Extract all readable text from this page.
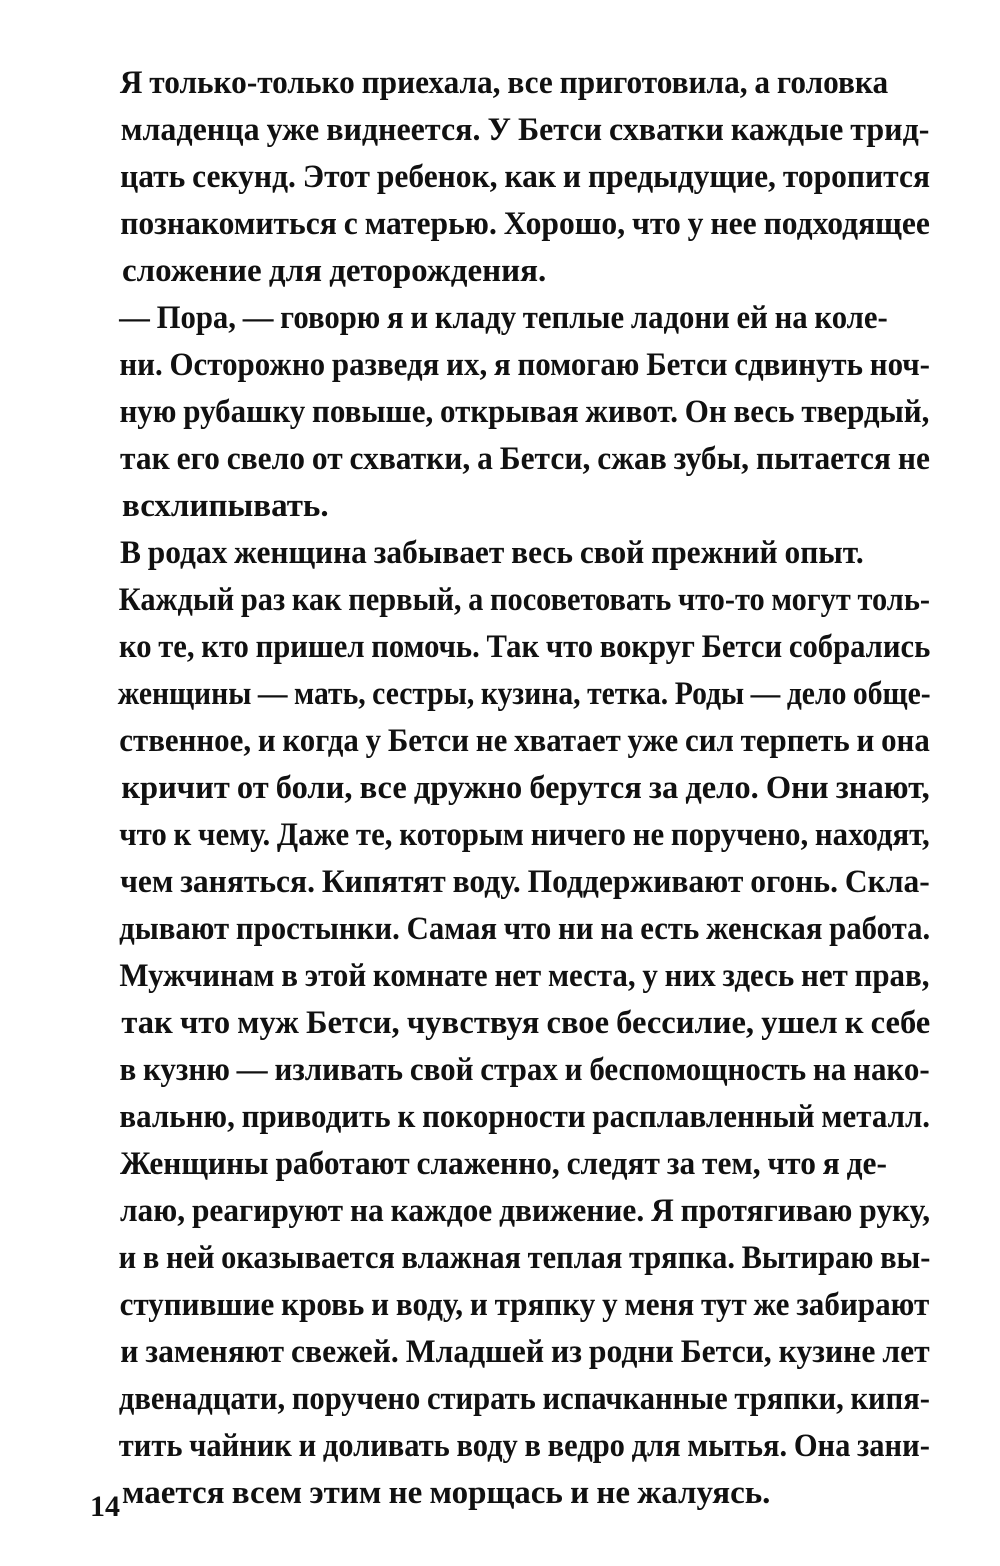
Я только-только приехала, все приготовила, а головка
младенца уже виднеется. У Бетси схватки каждые трид-
цать секунд. Этот ребенок, как и предыдущие, торопится
познакомиться с матерью. Хорошо, что у нее подходящее
сложение для деторождения.
— Пора, — говорю я и кладу теплые ладони ей на коле-
ни. Осторожно разведя их, я помогаю Бетси сдвинуть ноч-
ную рубашку повыше, открывая живот. Он весь твердый,
так его свело от схватки, а Бетси, сжав зубы, пытается не
всхлипывать.
В родах женщина забывает весь свой прежний опыт.
Каждый раз как первый, а посоветовать что-то могут толь-
ко те, кто пришел помочь. Так что вокруг Бетси собрались
женщины — мать, сестры, кузина, тетка. Роды — дело обще-
ственное, и когда у Бетси не хватает уже сил терпеть и она
кричит от боли, все дружно берутся за дело. Они знают,
что к чему. Даже те, которым ничего не поручено, находят,
чем заняться. Кипятят воду. Поддерживают огонь. Скла-
дывают простынки. Самая что ни на есть женская работа.
Мужчинам в этой комнате нет места, у них здесь нет прав,
так что муж Бетси, чувствуя свое бессилие, ушел к себе
в кузню — изливать свой страх и беспомощность на нако-
вальню, приводить к покорности расплавленный металл.
Женщины работают слаженно, следят за тем, что я де-
лаю, реагируют на каждое движение. Я протягиваю руку,
и в ней оказывается влажная теплая тряпка. Вытираю вы-
ступившие кровь и воду, и тряпку у меня тут же забирают
и заменяют свежей. Младшей из родни Бетси, кузине лет
двенадцати, поручено стирать испачканные тряпки, кипя-
тить чайник и доливать воду в ведро для мытья. Она зани-
мается всем этим не морщась и не жалуясь.
14
